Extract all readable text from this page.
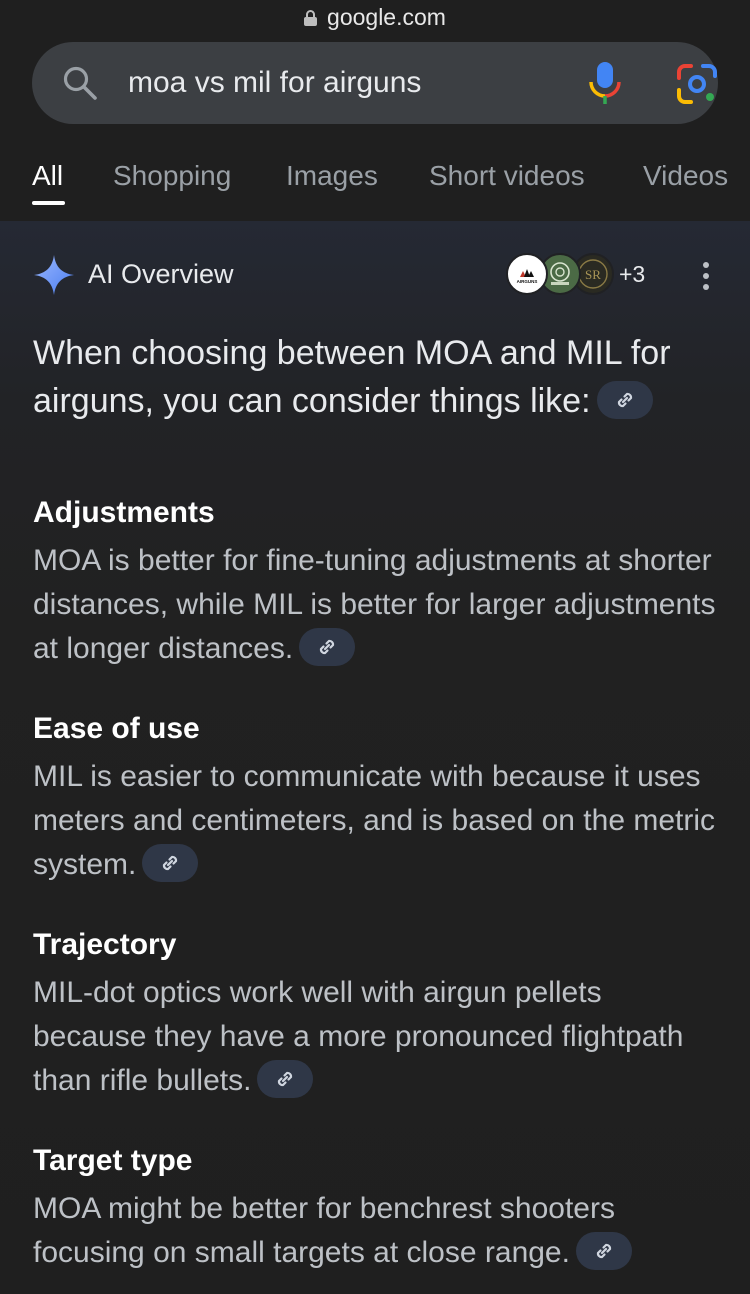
google.com
moa vs mil for airguns
All Shopping Images Short videos Videos
AI Overview	AIRGUNS	SR +3
When choosing between MOA and MIL for airguns, you can consider things like:
Adjustments

MOA is better for fine-tuning adjustments at shorter distances, while MIL is better for larger adjustments at longer distances.

Ease of use

MIL is easier to communicate with because it uses meters and centimeters, and is based on the metric system.

Trajectory

MIL-dot optics work well with airgun pellets because they have a more pronounced flightpath than rifle bullets.

Target type

MOA might be better for benchrest shooters focusing on small targets at close range.
